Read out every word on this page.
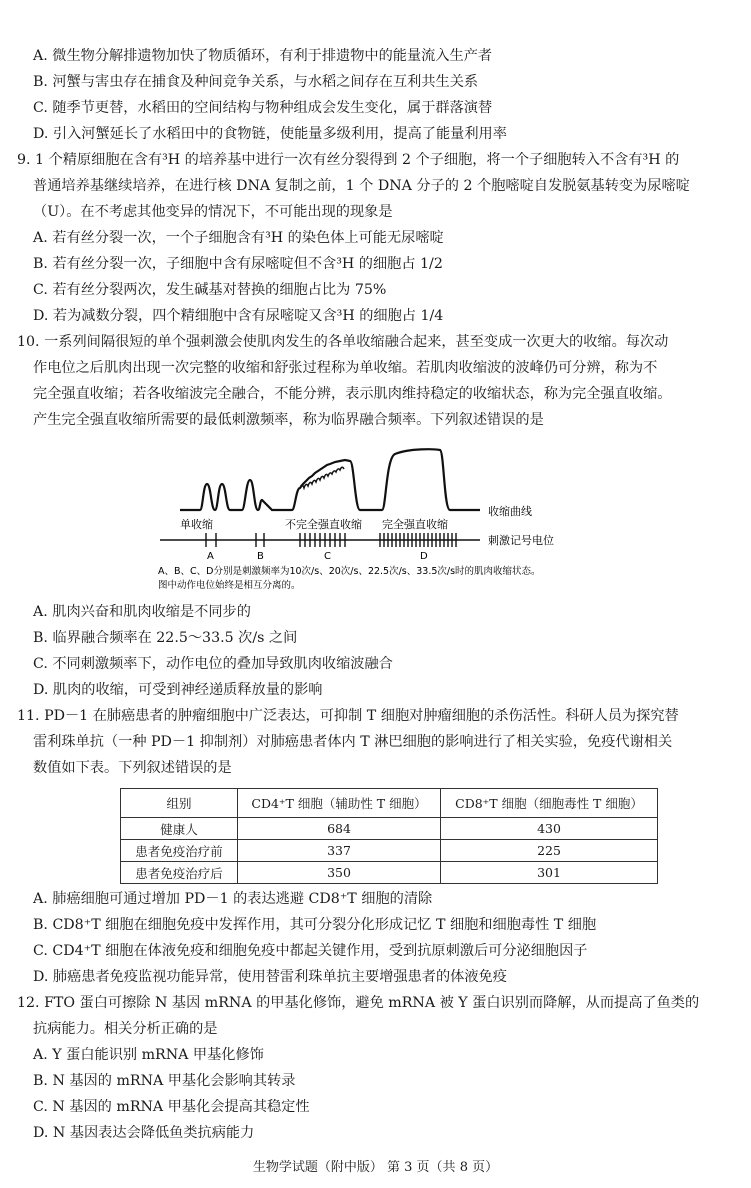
A. 微生物分解排遗物加快了物质循环，有利于排遗物中的能量流入生产者
B. 河蟹与害虫存在捕食及种间竞争关系，与水稻之间存在互利共生关系
C. 随季节更替，水稻田的空间结构与物种组成会发生变化，属于群落演替
D. 引入河蟹延长了水稻田中的食物链，使能量多级利用，提高了能量利用率
9. 1 个精原细胞在含有³H 的培养基中进行一次有丝分裂得到 2 个子细胞，将一个子细胞转入不含有³H 的
普通培养基继续培养，在进行核 DNA 复制之前，1 个 DNA 分子的 2 个胞嘧啶自发脱氨基转变为尿嘧啶
（U）。在不考虑其他变异的情况下，不可能出现的现象是
A. 若有丝分裂一次，一个子细胞含有³H 的染色体上可能无尿嘧啶
B. 若有丝分裂一次，子细胞中含有尿嘧啶但不含³H 的细胞占 1/2
C. 若有丝分裂两次，发生碱基对替换的细胞占比为 75%
D. 若为减数分裂，四个精细胞中含有尿嘧啶又含³H 的细胞占 1/4
10. 一系列间隔很短的单个强刺激会使肌肉发生的各单收缩融合起来，甚至变成一次更大的收缩。每次动
作电位之后肌肉出现一次完整的收缩和舒张过程称为单收缩。若肌肉收缩波的波峰仍可分辨，称为不
完全强直收缩；若各收缩波完全融合，不能分辨，表示肌肉维持稳定的收缩状态，称为完全强直收缩。
产生完全强直收缩所需要的最低刺激频率，称为临界融合频率。下列叙述错误的是
收缩曲线
单收缩	不完全强直收缩 完全强直收缩
刺激记号电位
A	B	C	D
A、B、C、D分别是刺激频率为10次/s、20次/s、22.5次/s、33.5次/s时的肌肉收缩状态。
图中动作电位始终是相互分离的。
A. 肌肉兴奋和肌肉收缩是不同步的
B. 临界融合频率在 22.5～33.5 次/s 之间
C. 不同刺激频率下，动作电位的叠加导致肌肉收缩波融合
D. 肌肉的收缩，可受到神经递质释放量的影响
11. PD－1 在肺癌患者的肿瘤细胞中广泛表达，可抑制 T 细胞对肿瘤细胞的杀伤活性。科研人员为探究替
雷利珠单抗（一种 PD－1 抑制剂）对肺癌患者体内 T 淋巴细胞的影响进行了相关实验，免疫代谢相关
数值如下表。下列叙述错误的是
组别	CD4⁺T 细胞（辅助性 T 细胞）	CD8⁺T 细胞（细胞毒性 T 细胞）
健康人	684	430
患者免疫治疗前	337	225
患者免疫治疗后	350	301
A. 肺癌细胞可通过增加 PD－1 的表达逃避 CD8⁺T 细胞的清除
B. CD8⁺T 细胞在细胞免疫中发挥作用，其可分裂分化形成记忆 T 细胞和细胞毒性 T 细胞
C. CD4⁺T 细胞在体液免疫和细胞免疫中都起关键作用，受到抗原刺激后可分泌细胞因子
D. 肺癌患者免疫监视功能异常，使用替雷利珠单抗主要增强患者的体液免疫
12. FTO 蛋白可擦除 N 基因 mRNA 的甲基化修饰，避免 mRNA 被 Y 蛋白识别而降解，从而提高了鱼类的
抗病能力。相关分析正确的是
A. Y 蛋白能识别 mRNA 甲基化修饰
B. N 基因的 mRNA 甲基化会影响其转录
C. N 基因的 mRNA 甲基化会提高其稳定性
D. N 基因表达会降低鱼类抗病能力
生物学试题（附中版） 第 3 页（共 8 页）
